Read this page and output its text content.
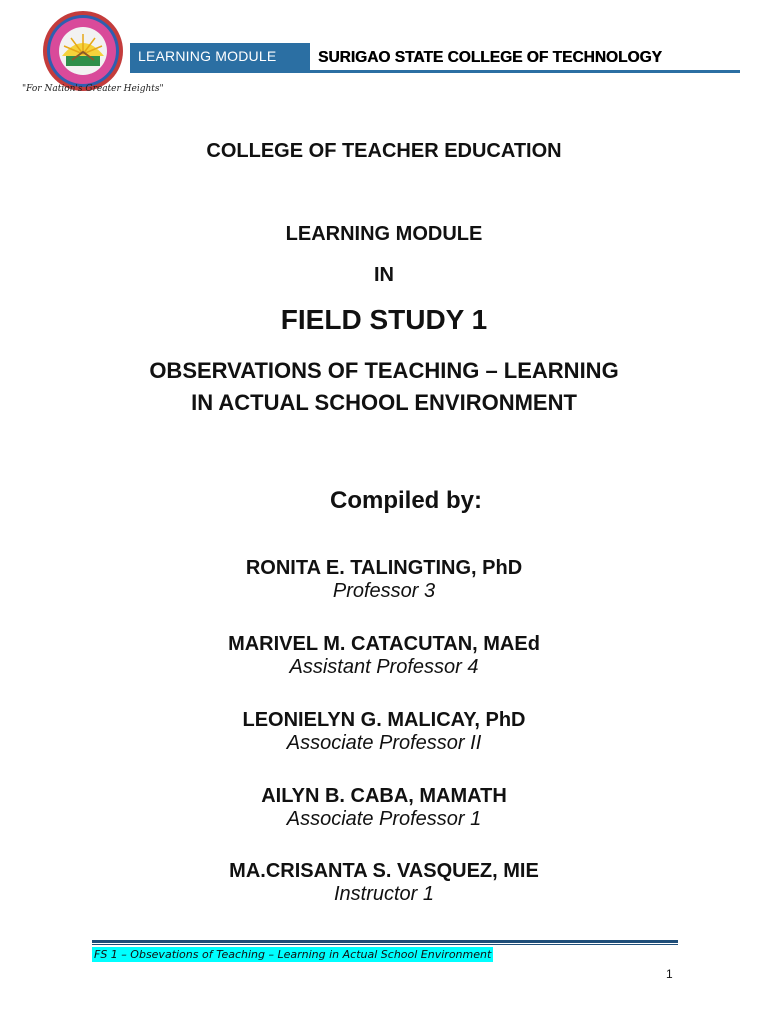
"For Nation's Greater Heights"
LEARNING MODULE	SURIGAO STATE COLLEGE OF TECHNOLOGY
COLLEGE OF TEACHER EDUCATION
LEARNING MODULE
IN
FIELD STUDY 1
OBSERVATIONS OF TEACHING – LEARNING
IN ACTUAL SCHOOL ENVIRONMENT
Compiled by:
RONITA E. TALINGTING, PhD
Professor 3
MARIVEL M. CATACUTAN, MAEd
Assistant Professor 4
LEONIELYN G. MALICAY, PhD
Associate Professor II
AILYN B. CABA, MAMATH
Associate Professor 1
MA.CRISANTA S. VASQUEZ, MIE
Instructor 1
FS 1 – Obsevations of Teaching – Learning in Actual School Environment
1
